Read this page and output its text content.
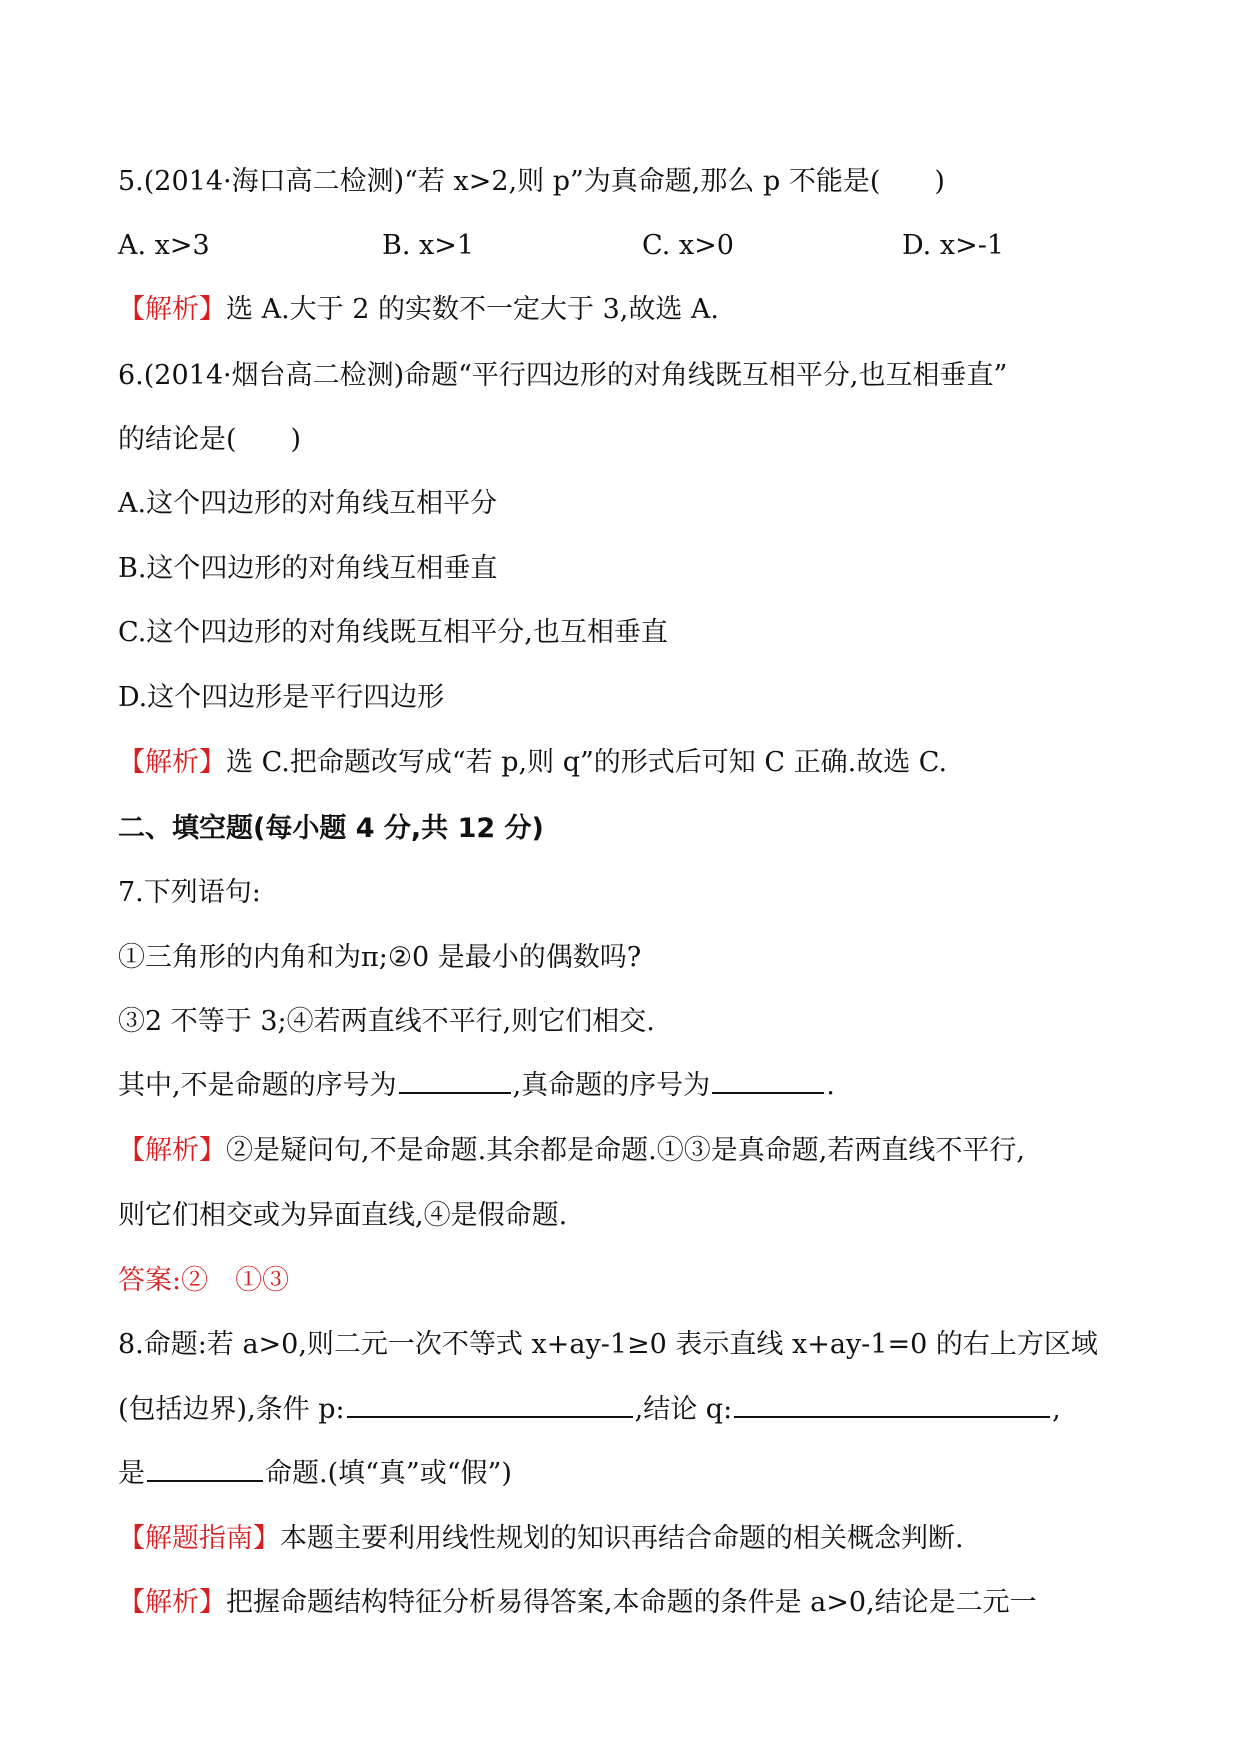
5.(2014·海口高二检测)“若 x>2,则 p”为真命题,那么 p 不能是(　　)
A. x>3	B. x>1	C. x>0	D. x>-1
【解析】选 A.大于 2 的实数不一定大于 3,故选 A.
6.(2014·烟台高二检测)命题“平行四边形的对角线既互相平分,也互相垂直”
的结论是(　　)
A.这个四边形的对角线互相平分
B.这个四边形的对角线互相垂直
C.这个四边形的对角线既互相平分,也互相垂直
D.这个四边形是平行四边形
【解析】选 C.把命题改写成“若 p,则 q”的形式后可知 C 正确.故选 C.
二、填空题(每小题 4 分,共 12 分)
7.下列语句:
①三角形的内角和为π;②0 是最小的偶数吗?
③2 不等于 3;④若两直线不平行,则它们相交.
其中,不是命题的序号为	,真命题的序号为	.
【解析】②是疑问句,不是命题.其余都是命题.①③是真命题,若两直线不平行,
则它们相交或为异面直线,④是假命题.
答案:②　①③
8.命题:若 a>0,则二元一次不等式 x+ay-1≥0 表示直线 x+ay-1=0 的右上方区域
(包括边界),条件 p:	,结论 q:	,
是	命题.(填“真”或“假”)
【解题指南】本题主要利用线性规划的知识再结合命题的相关概念判断.
【解析】把握命题结构特征分析易得答案,本命题的条件是 a>0,结论是二元一
